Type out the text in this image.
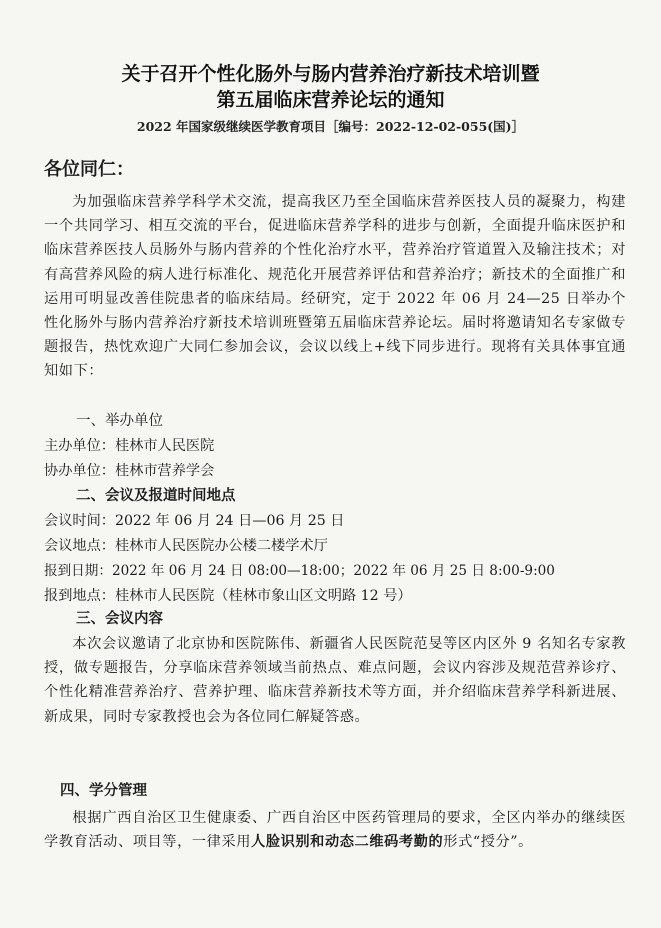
关于召开个性化肠外与肠内营养治疗新技术培训暨
第五届临床营养论坛的通知
2022 年国家级继续医学教育项目［编号：2022-12-02-055(国)］
各位同仁：
为加强临床营养学科学术交流，提高我区乃至全国临床营养医技人员的凝聚力，构建一个共同学习、相互交流的平台，促进临床营养学科的进步与创新，全面提升临床医护和临床营养医技人员肠外与肠内营养的个性化治疗水平，营养治疗管道置入及输注技术；对有高营养风险的病人进行标准化、规范化开展营养评估和营养治疗；新技术的全面推广和运用可明显改善佳院患者的临床结局。经研究，定于 2022 年 06 月 24—25 日举办个性化肠外与肠内营养治疗新技术培训班暨第五届临床营养论坛。届时将邀请知名专家做专题报告，热忱欢迎广大同仁参加会议，会议以线上+线下同步进行。现将有关具体事宜通知如下：
一、举办单位
主办单位：桂林市人民医院
协办单位：桂林市营养学会
二、会议及报道时间地点
会议时间：2022 年 06 月 24 日—06 月 25 日
会议地点：桂林市人民医院办公楼二楼学术厅
报到日期：2022 年 06 月 24 日 08:00—18:00；2022 年 06 月 25 日 8:00-9:00
报到地点：桂林市人民医院（桂林市象山区文明路 12 号）
三、会议内容
本次会议邀请了北京协和医院陈伟、新疆省人民医院范旻等区内区外 9 名知名专家教授，做专题报告，分享临床营养领域当前热点、难点问题，会议内容涉及规范营养诊疗、个性化精准营养治疗、营养护理、临床营养新技术等方面，并介绍临床营养学科新进展、新成果，同时专家教授也会为各位同仁解疑答惑。
四、学分管理
根据广西自治区卫生健康委、广西自治区中医药管理局的要求，全区内举办的继续医学教育活动、项目等，一律采用人脸识别和动态二维码考勤的形式“授分”。
